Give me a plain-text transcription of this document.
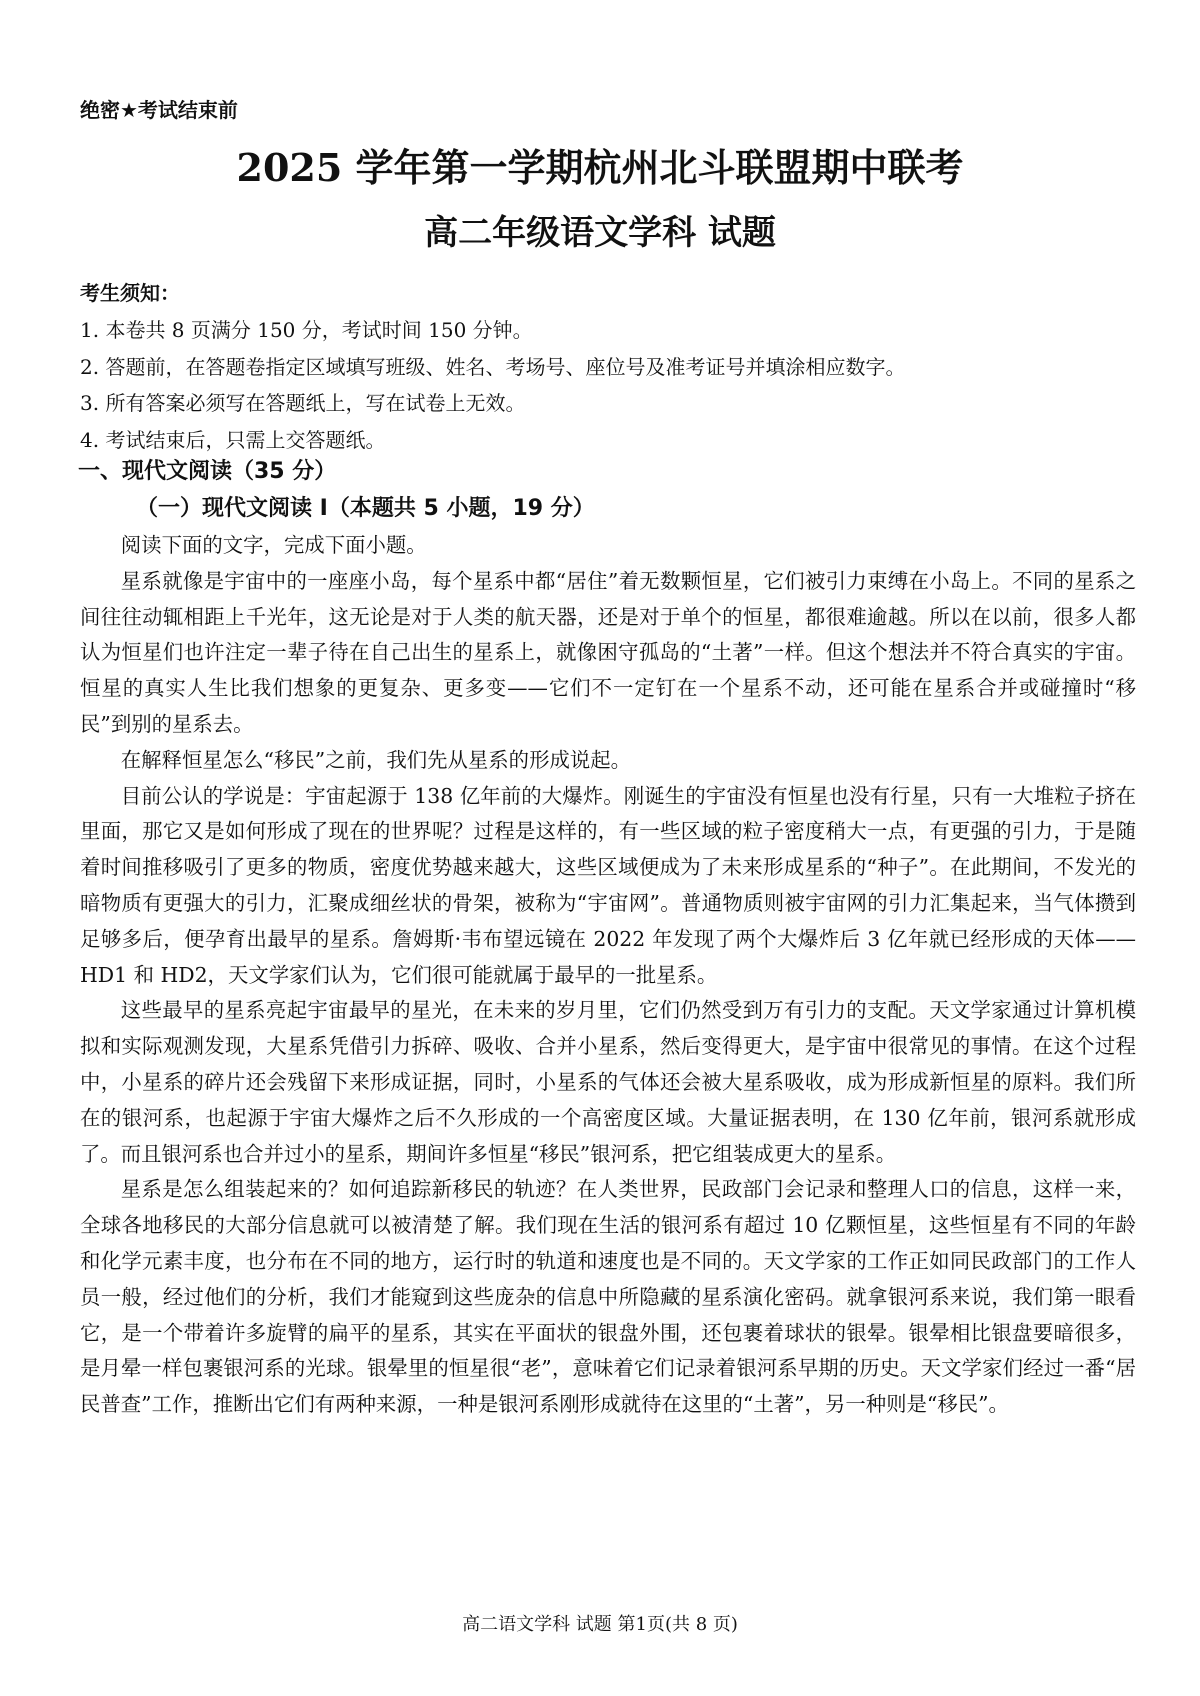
绝密★考试结束前
2025 学年第一学期杭州北斗联盟期中联考
高二年级语文学科 试题
考生须知：
1. 本卷共 8 页满分 150 分，考试时间 150 分钟。
2. 答题前，在答题卷指定区域填写班级、姓名、考场号、座位号及准考证号并填涂相应数字。
3. 所有答案必须写在答题纸上，写在试卷上无效。
4. 考试结束后，只需上交答题纸。
一、现代文阅读（35 分）
（一）现代文阅读 I（本题共 5 小题，19 分）

阅读下面的文字，完成下面小题。

星系就像是宇宙中的一座座小岛，每个星系中都“居住”着无数颗恒星，它们被引力束缚在小岛上。不同的星系之间往往动辄相距上千光年，这无论是对于人类的航天器，还是对于单个的恒星，都很难逾越。所以在以前，很多人都认为恒星们也许注定一辈子待在自己出生的星系上，就像困守孤岛的“土著”一样。但这个想法并不符合真实的宇宙。恒星的真实人生比我们想象的更复杂、更多变——它们不一定钉在一个星系不动，还可能在星系合并或碰撞时“移民”到别的星系去。

在解释恒星怎么“移民”之前，我们先从星系的形成说起。

目前公认的学说是：宇宙起源于 138 亿年前的大爆炸。刚诞生的宇宙没有恒星也没有行星，只有一大堆粒子挤在里面，那它又是如何形成了现在的世界呢？过程是这样的，有一些区域的粒子密度稍大一点，有更强的引力，于是随着时间推移吸引了更多的物质，密度优势越来越大，这些区域便成为了未来形成星系的“种子”。在此期间，不发光的暗物质有更强大的引力，汇聚成细丝状的骨架，被称为“宇宙网”。普通物质则被宇宙网的引力汇集起来，当气体攒到足够多后，便孕育出最早的星系。詹姆斯·韦布望远镜在 2022 年发现了两个大爆炸后 3 亿年就已经形成的天体——HD1 和 HD2，天文学家们认为，它们很可能就属于最早的一批星系。

这些最早的星系亮起宇宙最早的星光，在未来的岁月里，它们仍然受到万有引力的支配。天文学家通过计算机模拟和实际观测发现，大星系凭借引力拆碎、吸收、合并小星系，然后变得更大，是宇宙中很常见的事情。在这个过程中，小星系的碎片还会残留下来形成证据，同时，小星系的气体还会被大星系吸收，成为形成新恒星的原料。我们所在的银河系，也起源于宇宙大爆炸之后不久形成的一个高密度区域。大量证据表明，在 130 亿年前，银河系就形成了。而且银河系也合并过小的星系，期间许多恒星“移民”银河系，把它组装成更大的星系。

星系是怎么组装起来的？如何追踪新移民的轨迹？在人类世界，民政部门会记录和整理人口的信息，这样一来，全球各地移民的大部分信息就可以被清楚了解。我们现在生活的银河系有超过 10 亿颗恒星，这些恒星有不同的年龄和化学元素丰度，也分布在不同的地方，运行时的轨道和速度也是不同的。天文学家的工作正如同民政部门的工作人员一般，经过他们的分析，我们才能窥到这些庞杂的信息中所隐藏的星系演化密码。就拿银河系来说，我们第一眼看它，是一个带着许多旋臂的扁平的星系，其实在平面状的银盘外围，还包裹着球状的银晕。银晕相比银盘要暗很多，是月晕一样包裹银河系的光球。银晕里的恒星很“老”，意味着它们记录着银河系早期的历史。天文学家们经过一番“居民普查”工作，推断出它们有两种来源，一种是银河系刚形成就待在这里的“土著”，另一种则是“移民”。

高二语文学科 试题 第1页(共 8 页)
